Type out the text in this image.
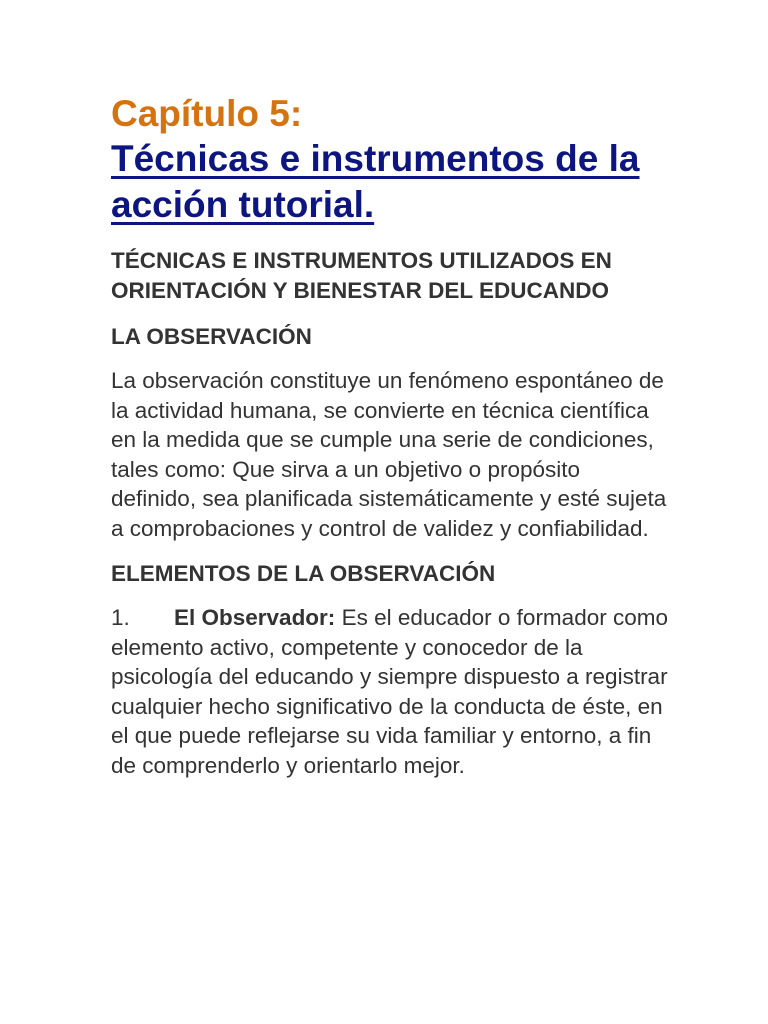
Capítulo 5:
Técnicas e instrumentos de la acción tutorial.
TÉCNICAS E INSTRUMENTOS UTILIZADOS EN ORIENTACIÓN Y BIENESTAR DEL EDUCANDO
LA OBSERVACIÓN

La observación constituye un fenómeno espontáneo de la actividad humana, se convierte en técnica científica en la medida que se cumple una serie de condiciones, tales como: Que sirva a un objetivo o propósito definido, sea planificada sistemáticamente y esté sujeta a comprobaciones y control de validez y confiabilidad.

ELEMENTOS DE LA OBSERVACIÓN

1. El Observador: Es el educador o formador como elemento activo, competente y conocedor de la psicología del educando y siempre dispuesto a registrar cualquier hecho significativo de la conducta de éste, en el que puede reflejarse su vida familiar y entorno, a fin de comprenderlo y orientarlo mejor.
